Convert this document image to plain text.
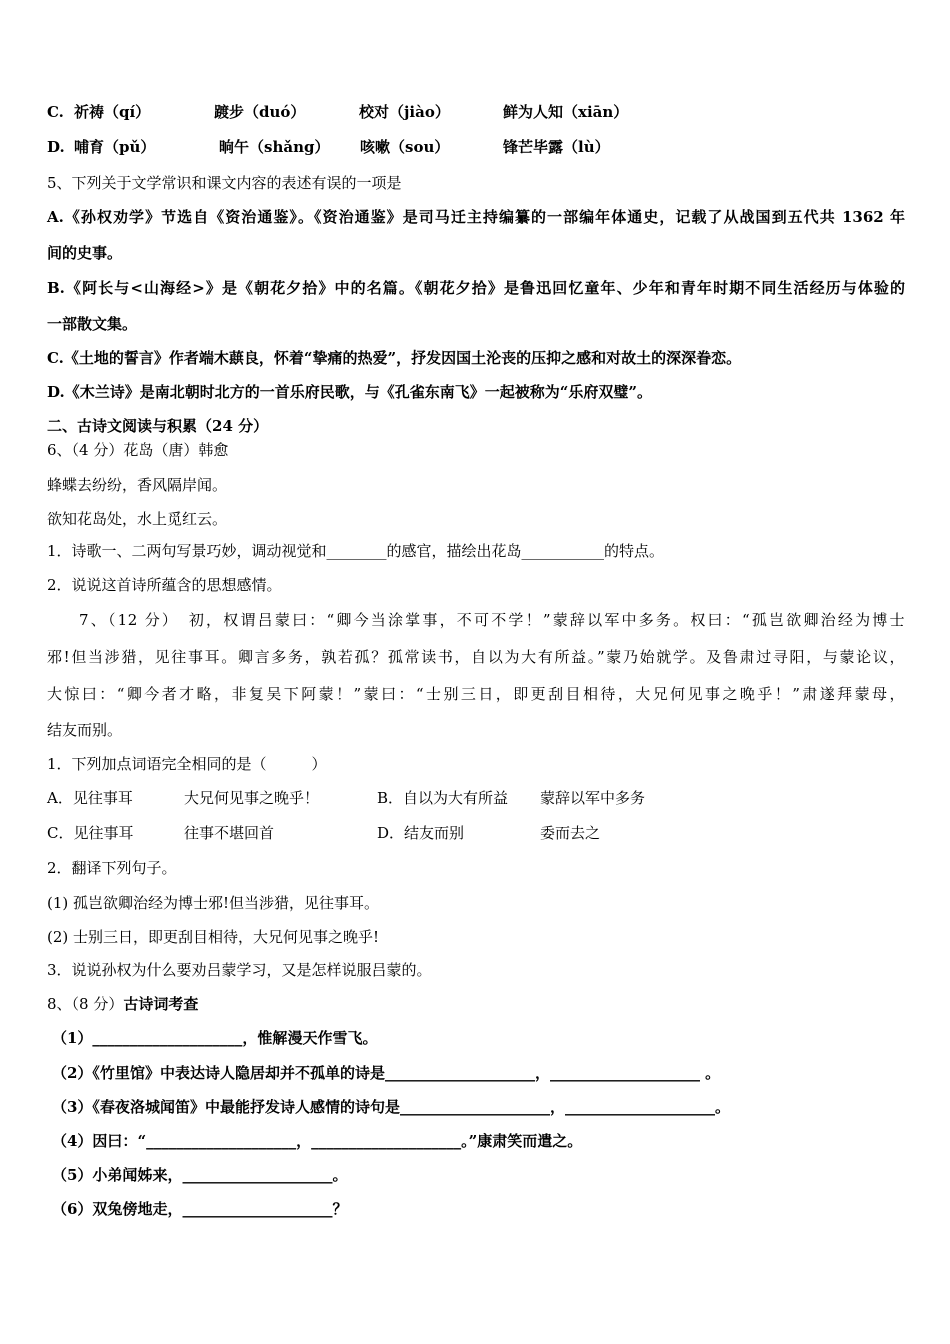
C. 祈祷（qí）	踱步（duó）	校对（jiào）	鲜为人知（xiān）
D. 哺育（pǔ）	晌午（shǎng） 咳嗽（sou）	锋芒毕露（lù）
5、下列关于文学常识和课文内容的表述有误的一项是
A.《孙权劝学》节选自《资治通鉴》。《资治通鉴》是司马迁主持编纂的一部编年体通史，记载了从战国到五代共 1362 年
间的史事。
B.《阿长与<山海经>》是《朝花夕拾》中的名篇。《朝花夕拾》是鲁迅回忆童年、少年和青年时期不同生活经历与体验的
一部散文集。
C.《土地的誓言》作者端木蕻良，怀着“挚痛的热爱”，抒发因国土沦丧的压抑之感和对故土的深深眷恋。
D.《木兰诗》是南北朝时北方的一首乐府民歌，与《孔雀东南飞》一起被称为“乐府双璧”。
二、古诗文阅读与积累（24 分）
6、（4 分）花岛（唐）韩愈
蜂蝶去纷纷，香风隔岸闻。
欲知花岛处，水上觅红云。
1．诗歌一、二两句写景巧妙，调动视觉和________的感官，描绘出花岛___________的特点。
2．说说这首诗所蕴含的思想感情。
7、（12 分）　初，权谓吕蒙曰：“卿今当涂掌事，不可不学！”蒙辞以军中多务。权曰：“孤岂欲卿治经为博士
邪!但当涉猎，见往事耳。卿言多务，孰若孤？孤常读书，自以为大有所益。”蒙乃始就学。及鲁肃过寻阳，与蒙论议，
大惊曰：“卿今者才略，非复吴下阿蒙！”蒙曰：“士别三日，即更刮目相待，大兄何见事之晚乎！”肃遂拜蒙母，
结友而别。
1．下列加点词语完全相同的是（　　　）
A．见往事耳	大兄何见事之晚乎！	B．自以为大有所益 蒙辞以军中多务
C．见往事耳	往事不堪回首	D．结友而别	委而去之
2．翻译下列句子。
(1) 孤岂欲卿治经为博士邪!但当涉猎，见往事耳。
(2) 士别三日，即更刮目相待，大兄何见事之晚乎!
3．说说孙权为什么要劝吕蒙学习，又是怎样说服吕蒙的。
8、（8 分）古诗词考查
（1）____________________，惟解漫天作雪飞。
（2）《竹里馆》中表达诗人隐居却并不孤单的诗是____________________，____________________ 。
（3）《春夜洛城闻笛》中最能抒发诗人感情的诗句是____________________，____________________。
（4）因曰：“____________________，____________________。”康肃笑而遣之。
（5）小弟闻姊来，____________________。
（6）双兔傍地走，____________________？
